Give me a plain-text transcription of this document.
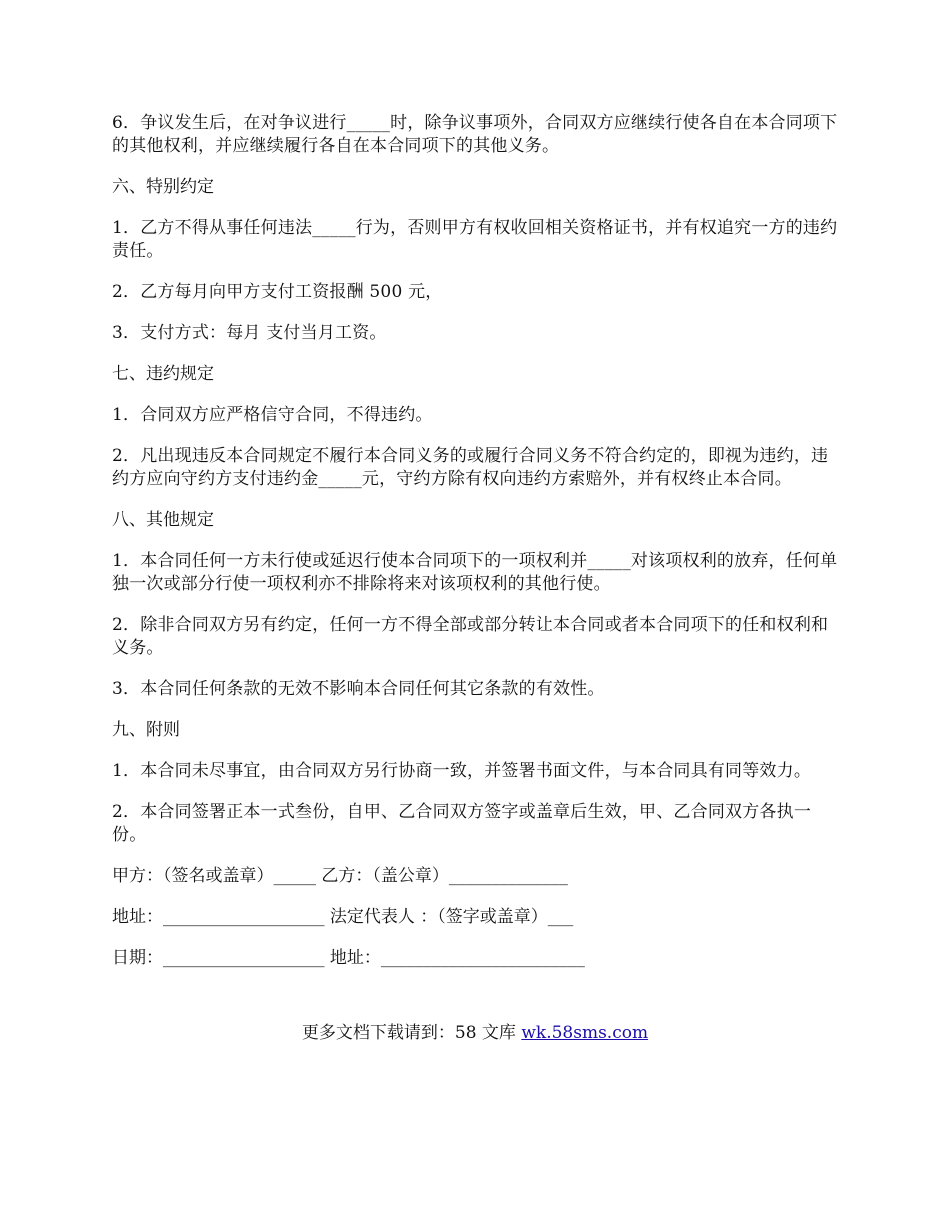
6．争议发生后，在对争议进行_____时，除争议事项外，合同双方应继续行使各自在本合同项下的其他权利，并应继续履行各自在本合同项下的其他义务。

六、特别约定

1．乙方不得从事任何违法_____行为，否则甲方有权收回相关资格证书，并有权追究一方的违约责任。

2．乙方每月向甲方支付工资报酬 500 元，

3．支付方式：每月 支付当月工资。

七、违约规定

1．合同双方应严格信守合同，不得违约。

2．凡出现违反本合同规定不履行本合同义务的或履行合同义务不符合约定的，即视为违约，违约方应向守约方支付违约金_____元，守约方除有权向违约方索赔外，并有权终止本合同。

八、其他规定

1．本合同任何一方未行使或延迟行使本合同项下的一项权利并_____对该项权利的放弃，任何单独一次或部分行使一项权利亦不排除将来对该项权利的其他行使。

2．除非合同双方另有约定，任何一方不得全部或部分转让本合同或者本合同项下的任和权利和义务。

3．本合同任何条款的无效不影响本合同任何其它条款的有效性。

九、附则

1．本合同未尽事宜，由合同双方另行协商一致，并签署书面文件，与本合同具有同等效力。

2．本合同签署正本一式叁份，自甲、乙合同双方签字或盖章后生效，甲、乙合同双方各执一份。

甲方：（签名或盖章）_____ 乙方：（盖公章）______________
地址：___________________ 法定代表人 ：（签字或盖章）___
日期：___________________ 地址：________________________
更多文档下载请到：58 文库 wk.58sms.com
